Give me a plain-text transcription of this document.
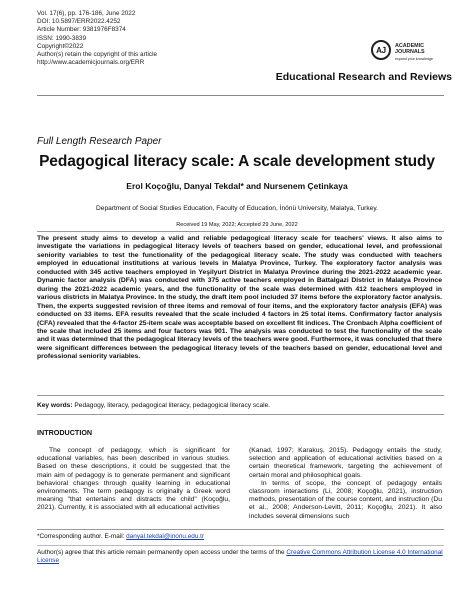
Vol. 17(6), pp. 176-186, June 2022
DOI: 10.5897/ERR2022.4252
Article Number: 9381976F8374
ISSN: 1990-3839
Copyright©2022
Author(s) retain the copyright of this article
http://www.academicjournals.org/ERR
AJ	ACADEMIC
JOURNALS
expand your knowledge
Educational Research and Reviews
Full Length Research Paper
Pedagogical literacy scale: A scale development study
Erol Koçoğlu, Danyal Tekdal* and Nursenem Çetinkaya
Department of Social Studies Education, Faculty of Education, İnönü University, Malatya, Turkey.
Received 19 May, 2022; Accepted 29 June, 2022

The present study aims to develop a valid and reliable pedagogical literacy scale for teachers' views. It also aims to investigate the variations in pedagogical literacy levels of teachers based on gender, educational level, and professional seniority variables to test the functionality of the pedagogical literacy scale. The study was conducted with teachers employed in educational institutions at various levels in Malatya Province, Turkey. The exploratory factor analysis was conducted with 345 active teachers employed in Yeşilyurt District in Malatya Province during the 2021-2022 academic year. Dynamic factor analysis (DFA) was conducted with 375 active teachers employed in Battalgazi District in Malatya Province during the 2021-2022 academic years, and the functionality of the scale was determined with 412 teachers employed in various districts in Malatya Province. In the study, the draft item pool included 37 items before the exploratory factor analysis. Then, the experts suggested revision of three items and removal of four items, and the exploratory factor analysis (EFA) was conducted on 33 items. EFA results revealed that the scale included 4 factors in 25 total items. Confirmatory factor analysis (CFA) revealed that the 4-factor 25-item scale was acceptable based on excellent fit indices. The Cronbach Alpha coefficient of the scale that included 25 items and four factors was 901. The analysis was conducted to test the functionality of the scale and it was determined that the pedagogical literacy levels of the teachers were good. Furthermore, it was concluded that there were significant differences between the pedagogical literacy levels of the teachers based on gender, educational level and professional seniority variables.

Key words: Pedagogy, literacy, pedagogical literacy, pedagogical literacy scale.
INTRODUCTION

The concept of pedagogy, which is significant for educational variables, has been described in various studies. Based on these descriptions, it could be suggested that the main aim of pedagogy is to generate permanent and significant behavioral changes through quality learning in educational environments. The term pedagogy is originally a Greek word meaning "that entertains and distracts the child" (Koçoğlu, 2021). Currently, it is associated with all educational activities

(Kanad, 1997; Karakuş, 2015). Pedagogy entails the study, selection and application of educational activities based on a certain theoretical framework, targeting the achievement of certain moral and philosophical goals.

In terms of scope, the concept of pedagogy entails classroom interactions (Li, 2008; Koçoğlu, 2021), instruction methods, presentation of the course content, and instruction (Du et al., 2008; Anderson-Levitt, 2011; Koçoğlu, 2021). It also includes several dimensions such

*Corresponding author. E-mail: danyal.tekdal@inonu.edu.tr
Author(s) agree that this article remain permanently open access under the terms of the Creative Commons Attribution License 4.0 International License
